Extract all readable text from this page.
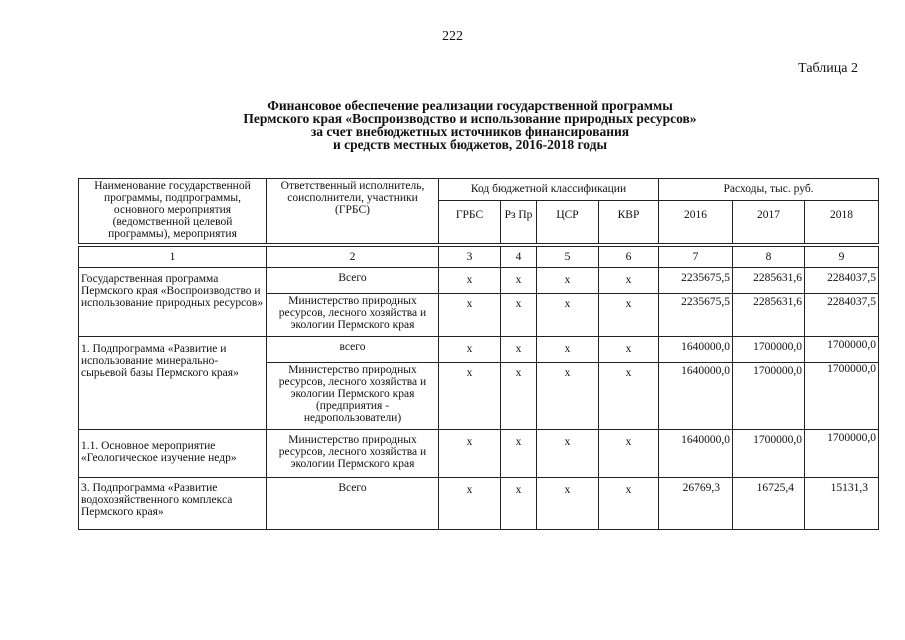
222
Таблица 2
Финансовое обеспечение реализации государственной программы
Пермского края «Воспроизводство и использование природных ресурсов»
за счет внебюджетных источников финансирования
и средств местных бюджетов, 2016-2018 годы
Наименование государственной программы, подпрограммы, основного мероприятия (ведомственной целевой программы), мероприятия	Ответственный исполнитель, соисполнители, участники (ГРБС)	Код бюджетной классификации				Расходы, тыс. руб.		
		ГРБС	Рз Пр	ЦСР	КВР	2016	2017	2018

1	2	3	4	5	6	7	8	9
Государственная программа Пермского края «Воспроизводство и использование природных ресурсов»	Всего	x	x	x	x	2235675,5	2285631,6	2284037,5
	Министерство природных ресурсов, лесного хозяйства и экологии Пермского края	x	x	x	x	2235675,5	2285631,6	2284037,5
1. Подпрограмма «Развитие и использование минерально-сырьевой базы Пермского края»	всего	x	x	x	x	1640000,0	1700000,0	1700000,0
	Министерство природных ресурсов, лесного хозяйства и экологии Пермского края (предприятия - недропользователи)	x	x	x	x	1640000,0	1700000,0	1700000,0
1.1. Основное мероприятие «Геологическое изучение недр»	Министерство природных ресурсов, лесного хозяйства и экологии Пермского края	x	x	x	x	1640000,0	1700000,0	1700000,0
3. Подпрограмма «Развитие водохозяйственного комплекса Пермского края»	Всего	x	x	x	x	26769,3	16725,4	15131,3
